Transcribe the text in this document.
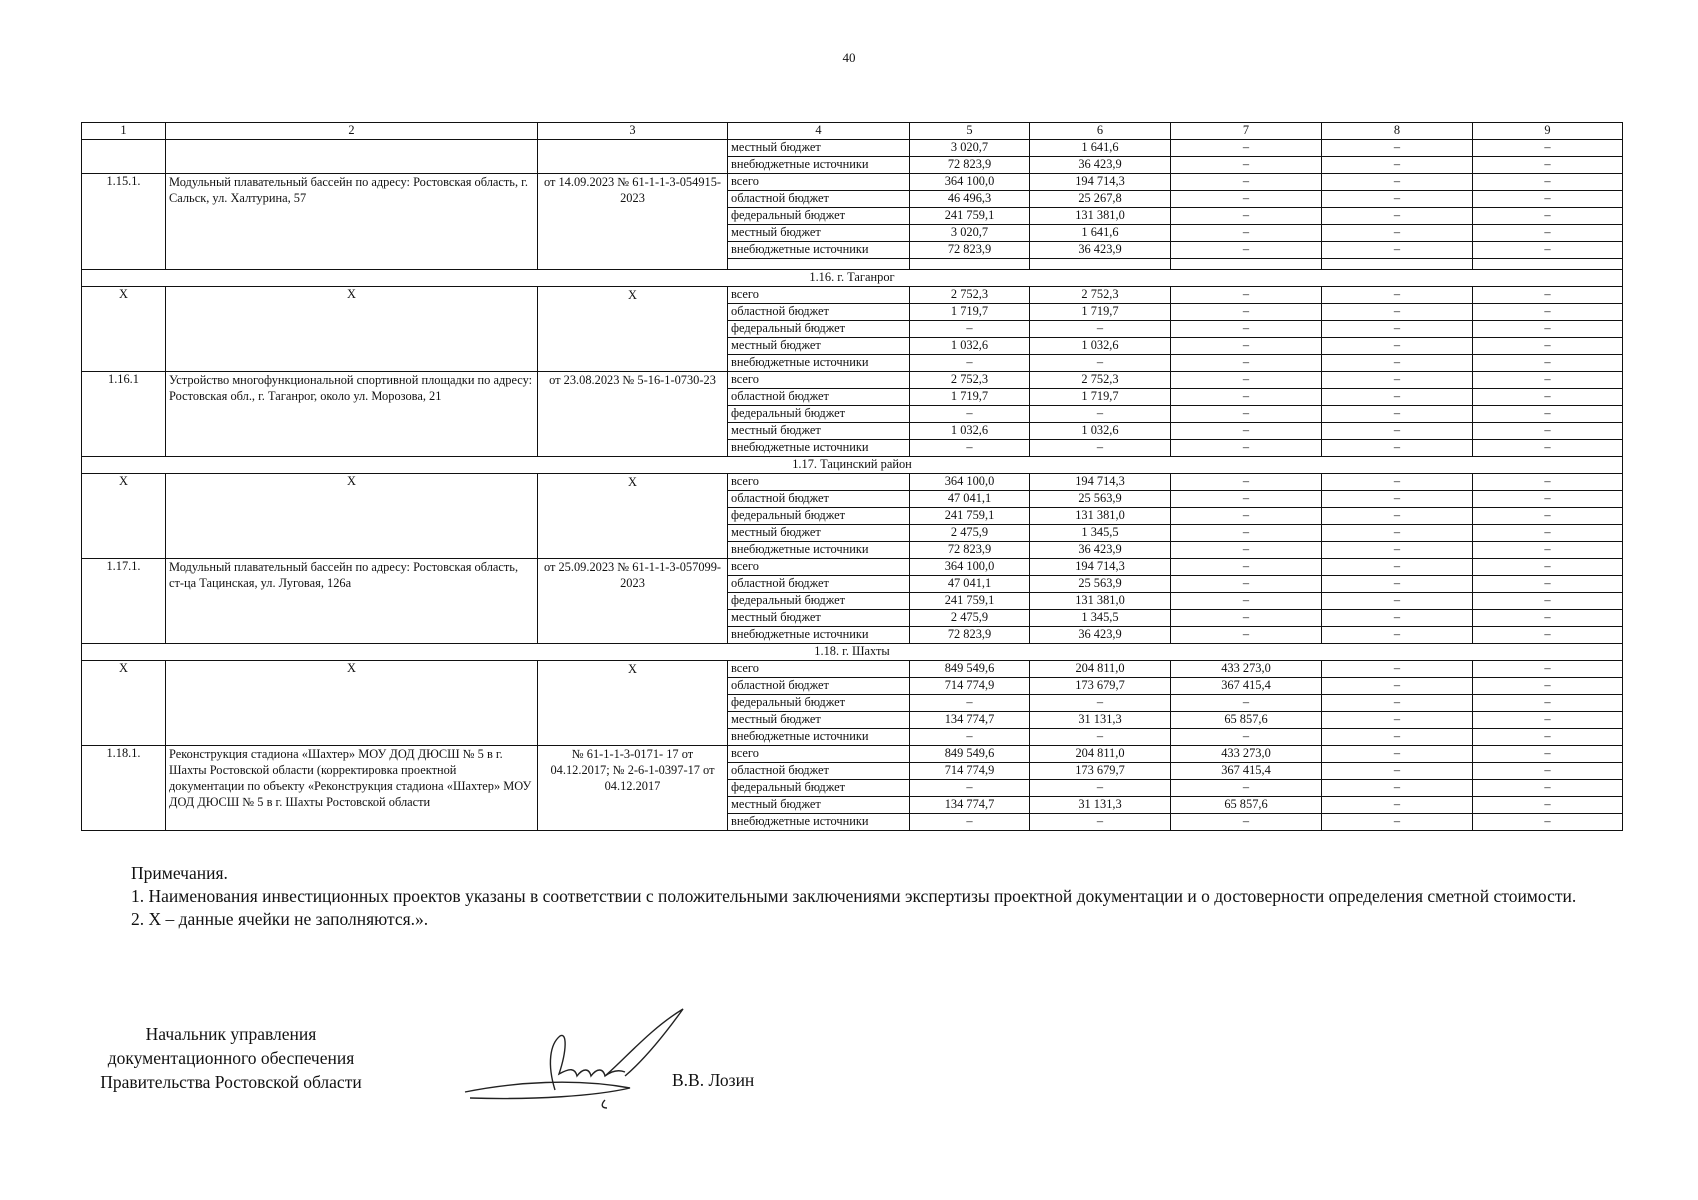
40
1	2	3	4	5	6	7	8	9
			местный бюджет	3 020,7	1 641,6	–	–	–
			внебюджетные источники	72 823,9	36 423,9	–	–	–
1.15.1.	Модульный плавательный бассейн по адресу: Ростовская область, г. Сальск, ул. Халтурина, 57	от 14.09.2023 № 61-1-1-3-054915-2023	всего	364 100,0	194 714,3	–	–	–
			областной бюджет	46 496,3	25 267,8	–	–	–
			федеральный бюджет	241 759,1	131 381,0	–	–	–
			местный бюджет	3 020,7	1 641,6	–	–	–
			внебюджетные источники	72 823,9	36 423,9	–	–	–

1.16. г. Таганрог								
Х	Х	Х	всего	2 752,3	2 752,3	–	–	–
			областной бюджет	1 719,7	1 719,7	–	–	–
			федеральный бюджет	–	–	–	–	–
			местный бюджет	1 032,6	1 032,6	–	–	–
			внебюджетные источники	–	–	–	–	–
1.16.1	Устройство многофункциональной спортивной площадки по адресу: Ростовская обл., г. Таганрог, около ул. Морозова, 21	от 23.08.2023 № 5-16-1-0730-23	всего	2 752,3	2 752,3	–	–	–
			областной бюджет	1 719,7	1 719,7	–	–	–
			федеральный бюджет	–	–	–	–	–
			местный бюджет	1 032,6	1 032,6	–	–	–
			внебюджетные источники	–	–	–	–	–
1.17. Тацинский район								
Х	Х	Х	всего	364 100,0	194 714,3	–	–	–
			областной бюджет	47 041,1	25 563,9	–	–	–
			федеральный бюджет	241 759,1	131 381,0	–	–	–
			местный бюджет	2 475,9	1 345,5	–	–	–
			внебюджетные источники	72 823,9	36 423,9	–	–	–
1.17.1.	Модульный плавательный бассейн по адресу: Ростовская область, ст-ца Тацинская, ул. Луговая, 126а	от 25.09.2023 № 61-1-1-3-057099-2023	всего	364 100,0	194 714,3	–	–	–
			областной бюджет	47 041,1	25 563,9	–	–	–
			федеральный бюджет	241 759,1	131 381,0	–	–	–
			местный бюджет	2 475,9	1 345,5	–	–	–
			внебюджетные источники	72 823,9	36 423,9	–	–	–
1.18. г. Шахты								
Х	Х	Х	всего	849 549,6	204 811,0	433 273,0	–	–
			областной бюджет	714 774,9	173 679,7	367 415,4	–	–
			федеральный бюджет	–	–	–	–	–
			местный бюджет	134 774,7	31 131,3	65 857,6	–	–
			внебюджетные источники	–	–	–	–	–
1.18.1.	Реконструкция стадиона «Шахтер» МОУ ДОД ДЮСШ № 5 в г. Шахты Ростовской области (корректировка проектной документации по объекту «Реконструкция стадиона «Шахтер» МОУ ДОД ДЮСШ № 5 в г. Шахты Ростовской области	№ 61-1-1-3-0171- 17 от 04.12.2017; № 2-6-1-0397-17 от 04.12.2017	всего	849 549,6	204 811,0	433 273,0	–	–
			областной бюджет	714 774,9	173 679,7	367 415,4	–	–
			федеральный бюджет	–	–	–	–	–
			местный бюджет	134 774,7	31 131,3	65 857,6	–	–
			внебюджетные источники	–	–	–	–	–

Примечания.

1. Наименования инвестиционных проектов указаны в соответствии с положительными заключениями экспертизы проектной документации и о достоверности определения сметной стоимости.

2. Х – данные ячейки не заполняются.».

Начальник управления
документационного обеспечения
Правительства Ростовской области	В.В. Лозин
